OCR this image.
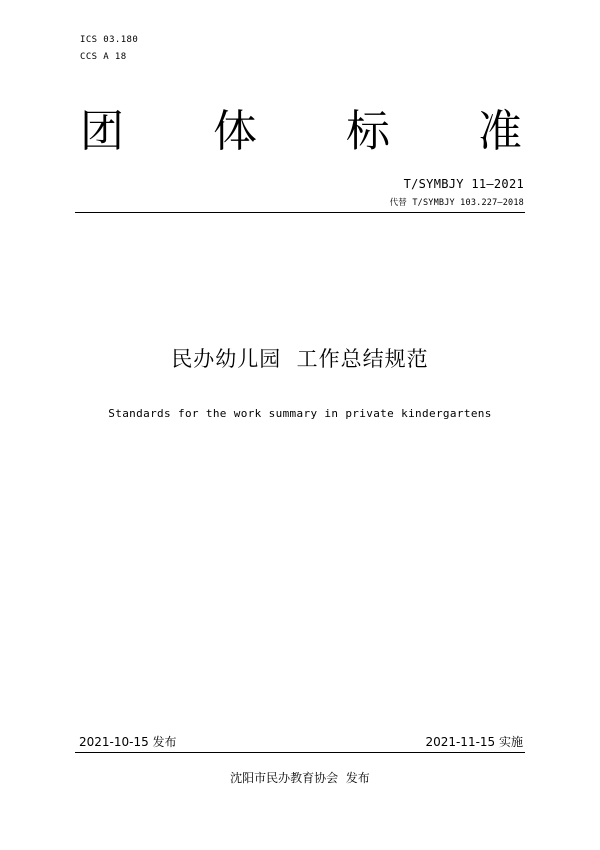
ICS 03.180
CCS A 18
团 体 标 准
T/SYMBJY 11—2021
代替 T/SYMBJY 103.227—2018
民办幼儿园  工作总结规范
Standards for the work summary in private kindergartens
2021-10-15 发布	2021-11-15 实施
沈阳市民办教育协会  发布
